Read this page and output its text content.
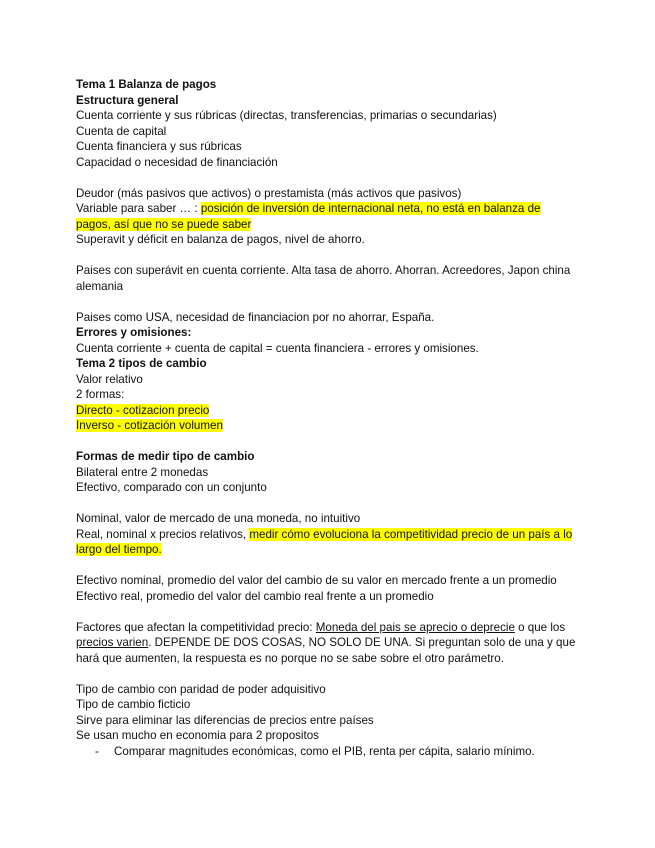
Tema 1 Balanza de pagos

Estructura general

Cuenta corriente y sus rúbricas (directas, transferencias, primarias o secundarias)

Cuenta de capital

Cuenta financiera y sus rúbricas

Capacidad o necesidad de financiación

Deudor (más pasivos que activos) o prestamista (más activos que pasivos)

Variable para saber … : posición de inversión de internacional neta, no está en balanza de pagos, así que no se puede saber

Superavit y déficit en balanza de pagos, nivel de ahorro.

Paises con superávit en cuenta corriente. Alta tasa de ahorro. Ahorran. Acreedores, Japon china alemania

Paises como USA, necesidad de financiacion por no ahorrar, España.

Errores y omisiones:

Cuenta corriente + cuenta de capital = cuenta financiera - errores y omisiones.

Tema 2 tipos de cambio

Valor relativo

2 formas:

Directo - cotizacion precio

Inverso - cotización volumen

Formas de medir tipo de cambio

Bilateral entre 2 monedas

Efectivo, comparado con un conjunto

Nominal, valor de mercado de una moneda, no intuitivo

Real, nominal x precios relativos, medir cómo evoluciona la competitividad precio de un país a lo largo del tiempo.

Efectivo nominal, promedio del valor del cambio de su valor en mercado frente a un promedio

Efectivo real, promedio del valor del cambio real frente a un promedio

Factores que afectan la competitividad precio: Moneda del pais se aprecio o deprecie o que los precios varien. DEPENDE DE DOS COSAS, NO SOLO DE UNA. Si preguntan solo de una y que hará que aumenten, la respuesta es no porque no se sabe sobre el otro parámetro.

Tipo de cambio con paridad de poder adquisitivo

Tipo de cambio ficticio

Sirve para eliminar las diferencias de precios entre países

Se usan mucho en economia para 2 propositos

- Comparar magnitudes económicas, como el PIB, renta per cápita, salario mínimo.
